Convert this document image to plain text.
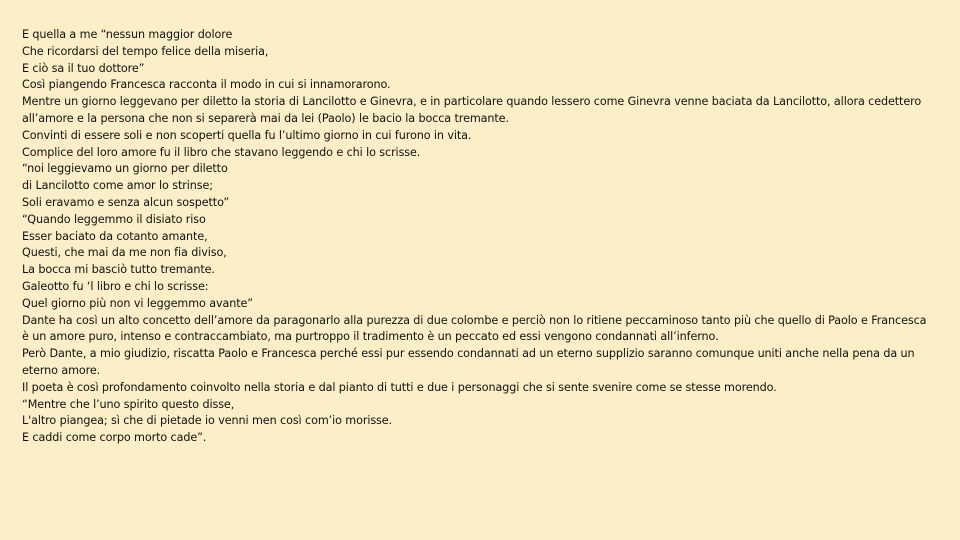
E quella a me “nessun maggior dolore

Che ricordarsi del tempo felice della miseria,

E ciò sa il tuo dottore”

Così piangendo Francesca racconta il modo in cui si innamorarono.

Mentre un giorno leggevano per diletto la storia di Lancilotto e Ginevra, e in particolare quando lessero come Ginevra venne baciata da Lancilotto, allora cedettero all’amore e la persona che non si separerà mai da lei (Paolo) le bacio la bocca tremante.

Convinti di essere soli e non scoperti quella fu l’ultimo giorno in cui furono in vita.

Complice del loro amore fu il libro che stavano leggendo e chi lo scrisse.

“noi leggievamo un giorno per diletto

di Lancilotto come amor lo strinse;

Soli eravamo e senza alcun sospetto”

“Quando leggemmo il disiato riso

Esser baciato da cotanto amante,

Questi, che mai da me non fia diviso,

La bocca mi basciò tutto tremante.

Galeotto fu ‘l libro e chi lo scrisse:

Quel giorno più non vi leggemmo avante”

Dante ha così un alto concetto dell’amore da paragonarlo alla purezza di due colombe e perciò non lo ritiene peccaminoso tanto più che quello di Paolo e Francesca è un amore puro, intenso e contraccambiato, ma purtroppo il tradimento è un peccato ed essi vengono condannati all’inferno.

Però Dante, a mio giudizio, riscatta Paolo e Francesca perché essi pur essendo condannati ad un eterno supplizio saranno comunque uniti anche nella pena da un eterno amore.

Il poeta è così profondamento coinvolto nella storia e dal pianto di tutti e due i personaggi che si sente svenire come se stesse morendo.

“Mentre che l’uno spirito questo disse,

L'altro piangea; sì che di pietade io venni men così com’io morisse.

E caddi come corpo morto cade”.
